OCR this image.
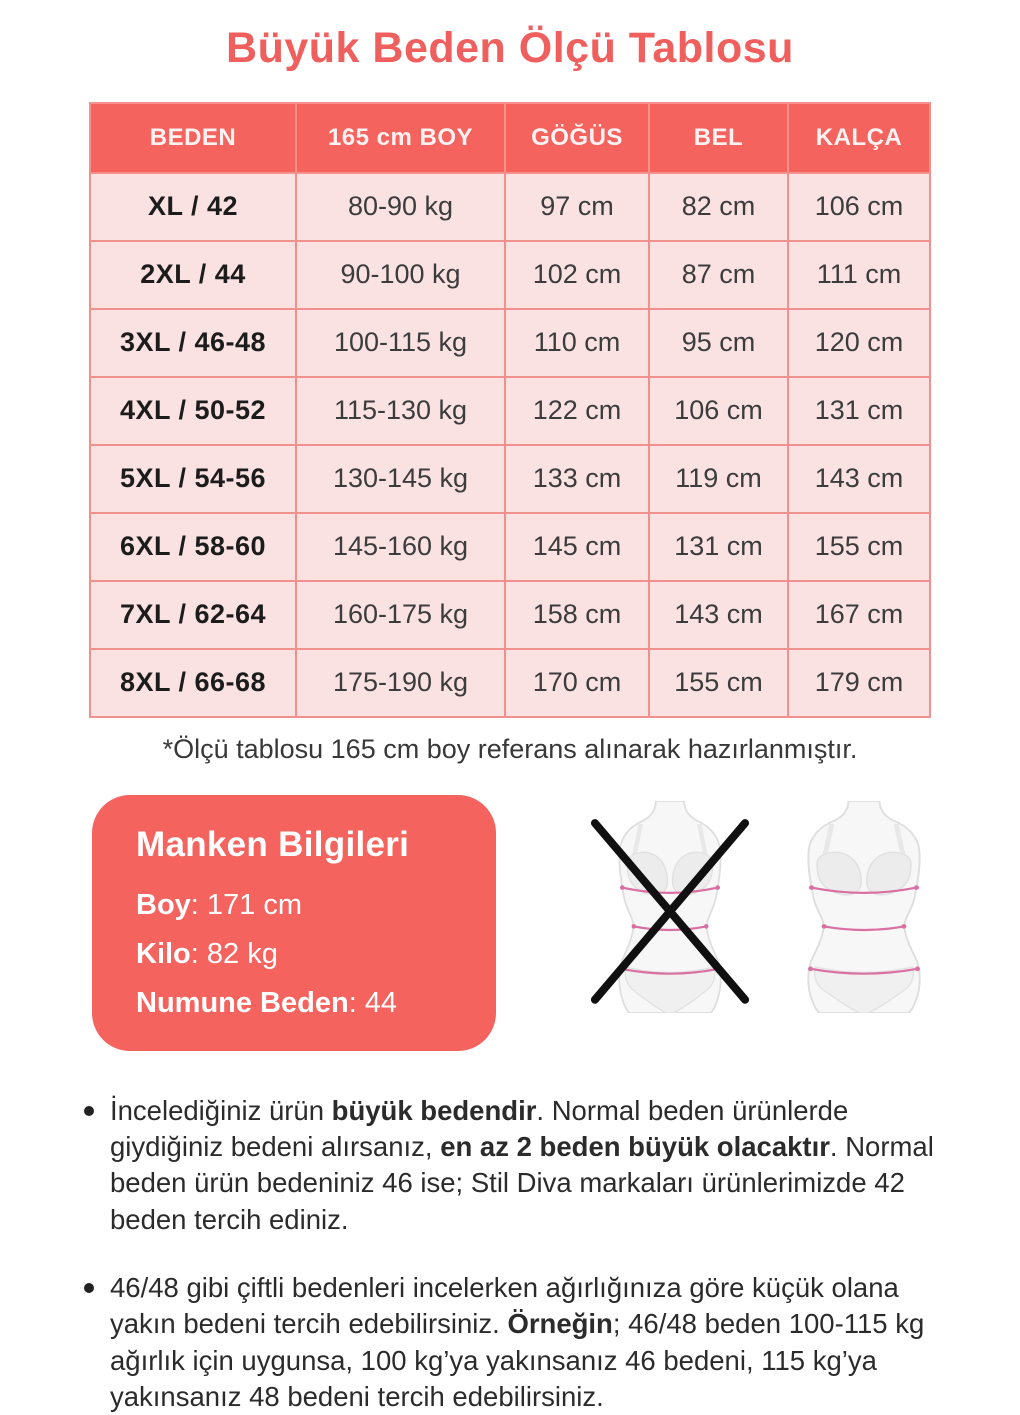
Büyük Beden Ölçü Tablosu
BEDEN	165 cm BOY	GÖĞÜS	BEL	KALÇA
XL / 42	80-90 kg	97 cm	82 cm	106 cm
2XL / 44	90-100 kg	102 cm	87 cm	111 cm
3XL / 46-48	100-115 kg	110 cm	95 cm	120 cm
4XL / 50-52	115-130 kg	122 cm	106 cm	131 cm
5XL / 54-56	130-145 kg	133 cm	119 cm	143 cm
6XL / 58-60	145-160 kg	145 cm	131 cm	155 cm
7XL / 62-64	160-175 kg	158 cm	143 cm	167 cm
8XL / 66-68	175-190 kg	170 cm	155 cm	179 cm
*Ölçü tablosu 165 cm boy referans alınarak hazırlanmıştır.
Manken Bilgileri
Boy: 171 cm
Kilo: 82 kg
Numune Beden: 44
İncelediğiniz ürün büyük bedendir. Normal beden ürünlerde giydiğiniz bedeni alırsanız, en az 2 beden büyük olacaktır. Normal beden ürün bedeniniz 46 ise; Stil Diva markaları ürünlerimizde 42 beden tercih ediniz.
46/48 gibi çiftli bedenleri incelerken ağırlığınıza göre küçük olana yakın bedeni tercih edebilirsiniz. Örneğin; 46/48 beden 100-115 kg ağırlık için uygunsa, 100 kg’ya yakınsanız 46 bedeni, 115 kg’ya yakınsanız 48 bedeni tercih edebilirsiniz.
